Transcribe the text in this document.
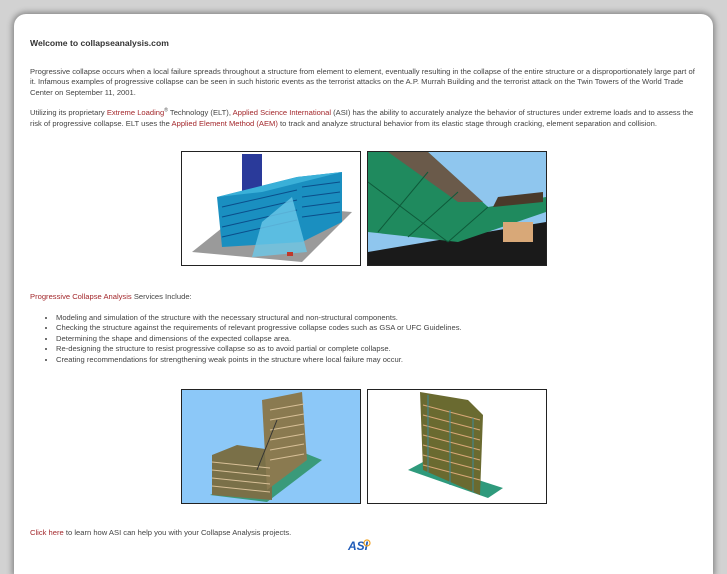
Welcome to collapseanalysis.com

Progressive collapse occurs when a local failure spreads throughout a structure from element to element, eventually resulting in the collapse of the entire structure or a disproportionately large part of it. Infamous examples of progressive collapse can be seen in such historic events as the terrorist attacks on the A.P. Murrah Building and the terrorist attack on the Twin Towers of the World Trade Center on September 11, 2001.

Utilizing its proprietary Extreme Loading® Technology (ELT), Applied Science International (ASI) has the ability to accurately analyze the behavior of structures under extreme loads and to assess the risk of progressive collapse. ELT uses the Applied Element Method (AEM) to track and analyze structural behavior from its elastic stage through cracking, element separation and collision.

Progressive Collapse Analysis Services Include:

• Modeling and simulation of the structure with the necessary structural and non-structural components.
• Checking the structure against the requirements of relevant progressive collapse codes such as GSA or UFC Guidelines.
• Determining the shape and dimensions of the expected collapse area.
• Re-designing the structure to resist progressive collapse so as to avoid partial or complete collapse.
• Creating recommendations for strengthening weak points in the structure where local failure may occur.

Click here to learn how ASI can help you with your Collapse Analysis projects.

ASI
